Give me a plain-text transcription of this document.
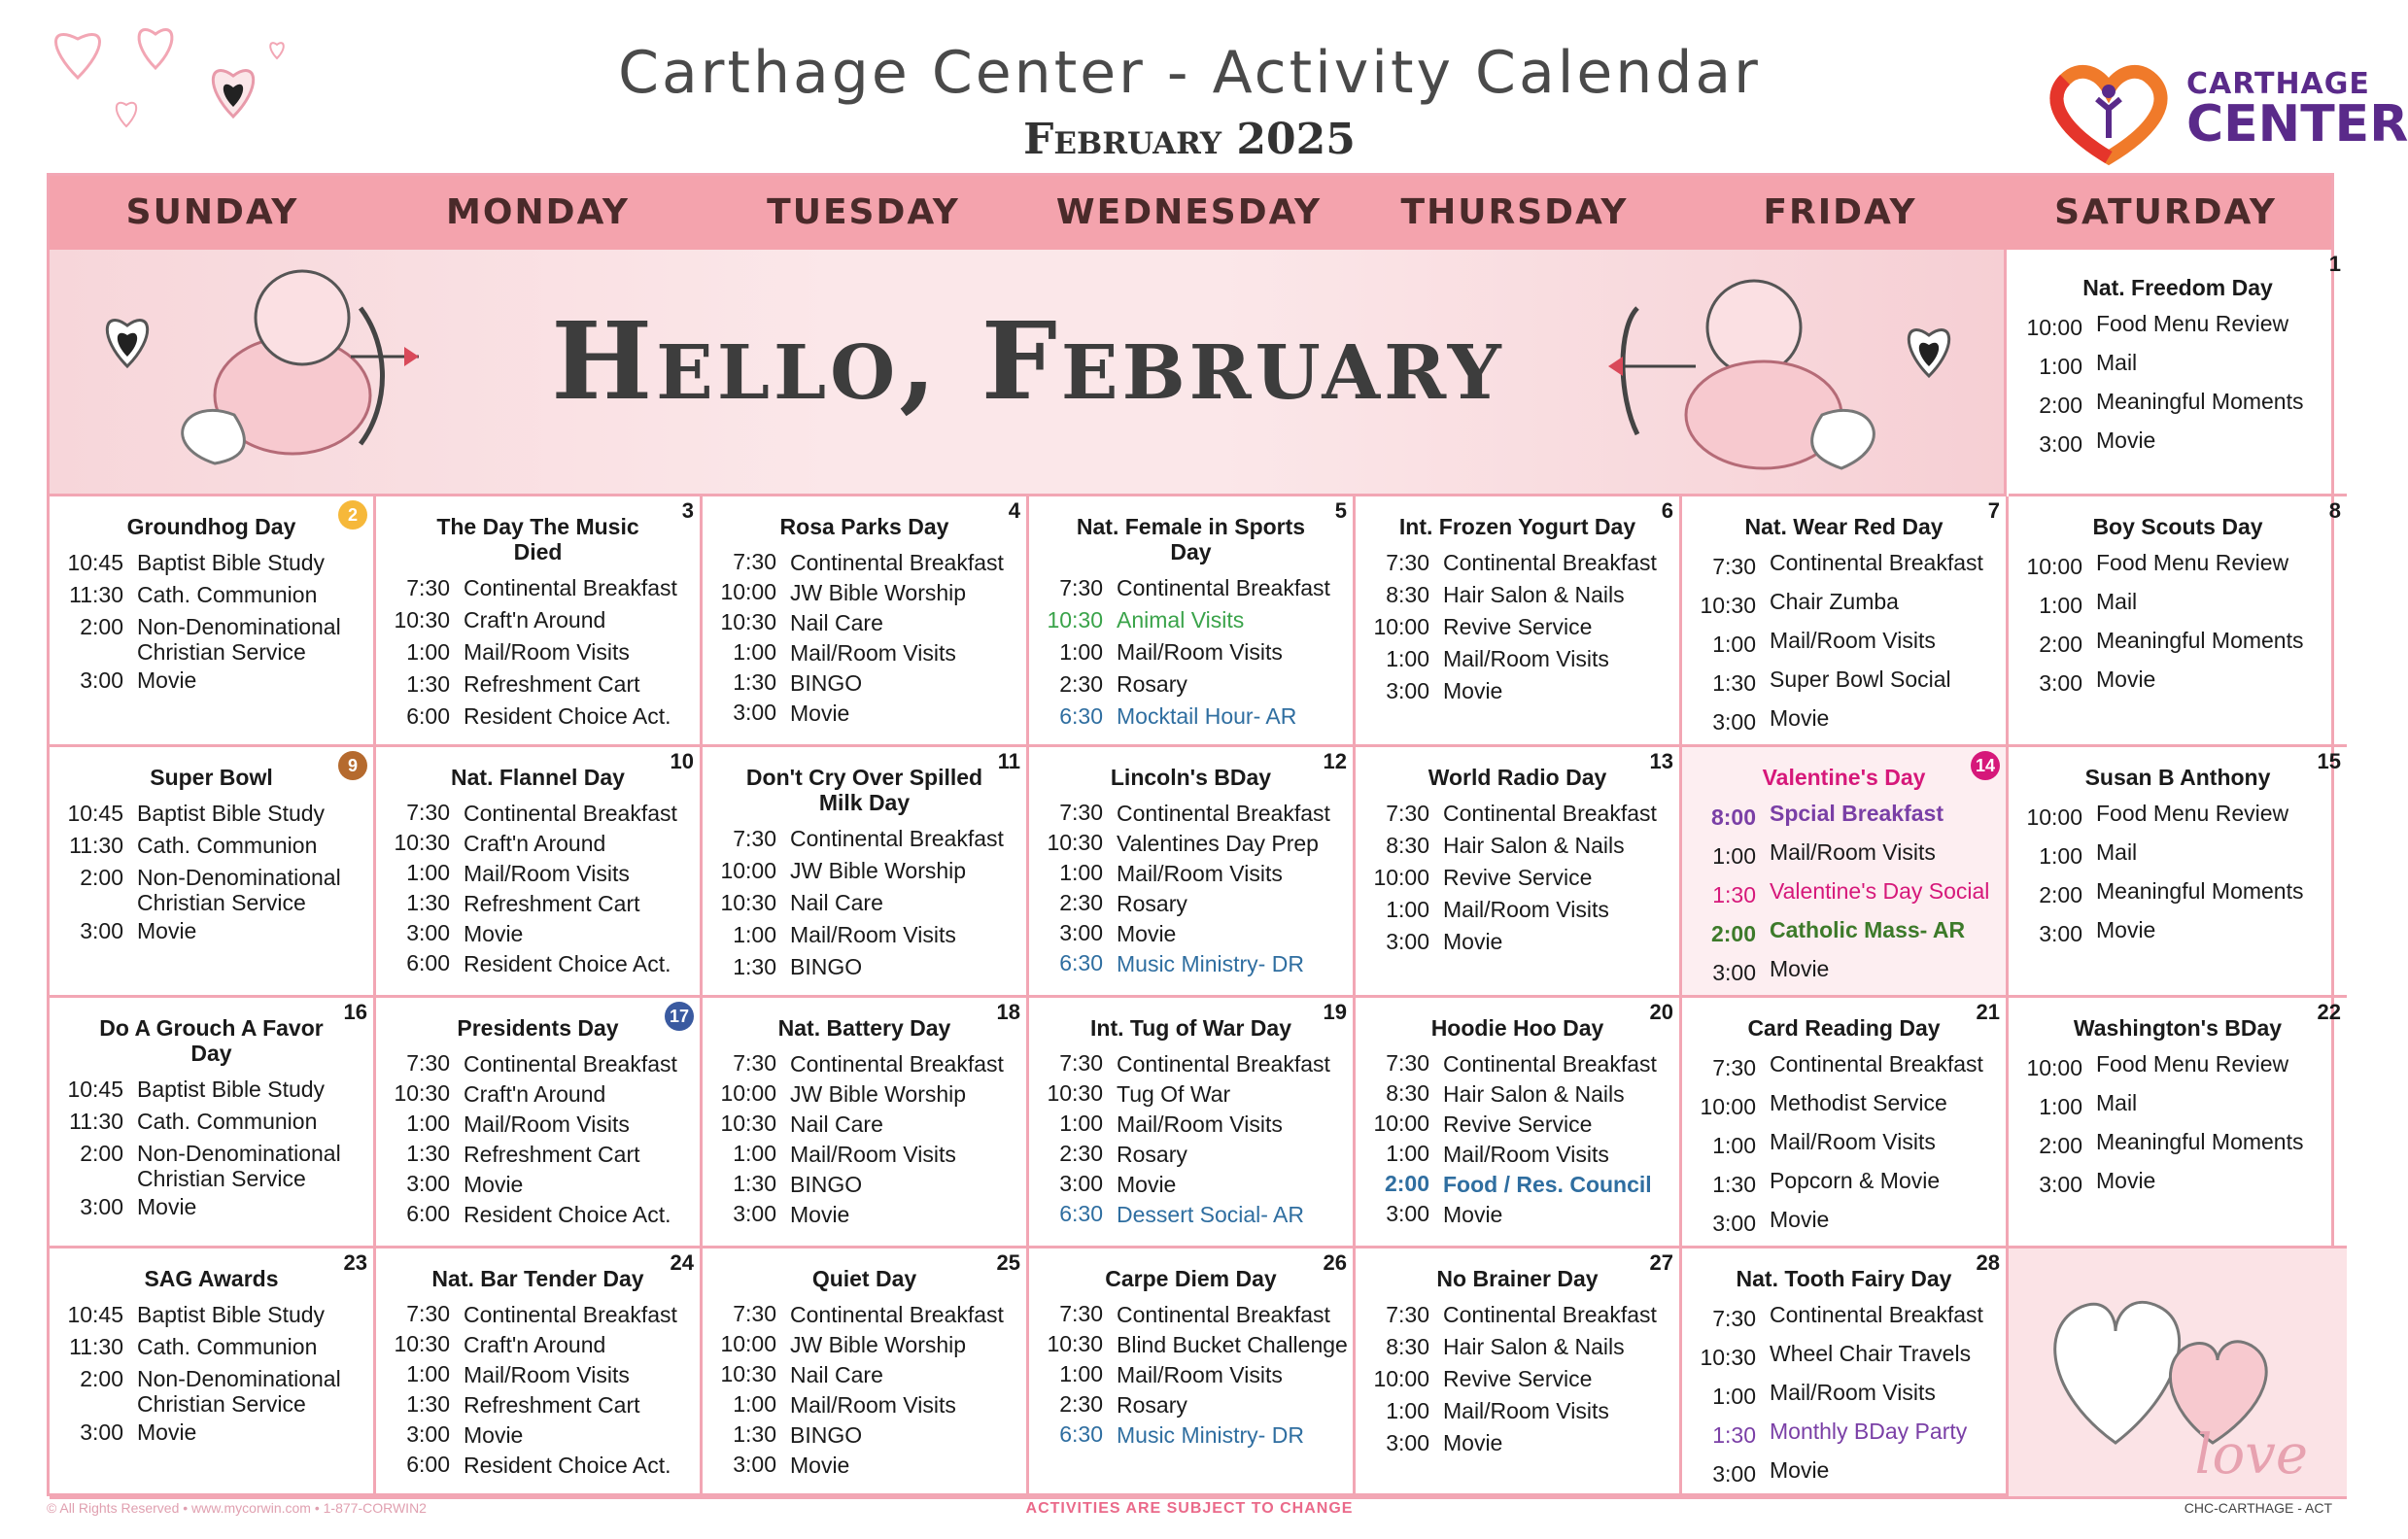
Carthage Center - Activity Calendar
February 2025
CARTHAGE
CENTER
SUNDAY	MONDAY	TUESDAY	WEDNESDAY	THURSDAY	FRIDAY	SATURDAY
Hello, February
1
Nat. Freedom Day
10:00 Food Menu Review
1:00 Mail
2:00 Meaningful Moments
3:00 Movie
2
Groundhog Day
10:45 Baptist Bible Study
11:30 Cath. Communion
2:00 Non-Denominational Christian Service
3:00 Movie
3
The Day The Music Died
7:30 Continental Breakfast
10:30 Craft'n Around
1:00 Mail/Room Visits
1:30 Refreshment Cart
6:00 Resident Choice Act.
4
Rosa Parks Day
7:30 Continental Breakfast
10:00 JW Bible Worship
10:30 Nail Care
1:00 Mail/Room Visits
1:30 BINGO
3:00 Movie
5
Nat. Female in Sports Day
7:30 Continental Breakfast
10:30 Animal Visits
1:00 Mail/Room Visits
2:30 Rosary
6:30 Mocktail Hour- AR
6
Int. Frozen Yogurt Day
7:30 Continental Breakfast
8:30 Hair Salon & Nails
10:00 Revive Service
1:00 Mail/Room Visits
3:00 Movie
7
Nat. Wear Red Day
7:30 Continental Breakfast
10:30 Chair Zumba
1:00 Mail/Room Visits
1:30 Super Bowl Social
3:00 Movie
8
Boy Scouts Day
10:00 Food Menu Review
1:00 Mail
2:00 Meaningful Moments
3:00 Movie
9
Super Bowl
10:45 Baptist Bible Study
11:30 Cath. Communion
2:00 Non-Denominational Christian Service
3:00 Movie
10
Nat. Flannel Day
7:30 Continental Breakfast
10:30 Craft'n Around
1:00 Mail/Room Visits
1:30 Refreshment Cart
3:00 Movie
6:00 Resident Choice Act.
11
Don't Cry Over Spilled Milk Day
7:30 Continental Breakfast
10:00 JW Bible Worship
10:30 Nail Care
1:00 Mail/Room Visits
1:30 BINGO
12
Lincoln's BDay
7:30 Continental Breakfast
10:30 Valentines Day Prep
1:00 Mail/Room Visits
2:30 Rosary
3:00 Movie
6:30 Music Ministry- DR
13
World Radio Day
7:30 Continental Breakfast
8:30 Hair Salon & Nails
10:00 Revive Service
1:00 Mail/Room Visits
3:00 Movie
14
Valentine's Day
8:00 Spcial Breakfast
1:00 Mail/Room Visits
1:30 Valentine's Day Social
2:00 Catholic Mass- AR
3:00 Movie
15
Susan B Anthony
10:00 Food Menu Review
1:00 Mail
2:00 Meaningful Moments
3:00 Movie
16
Do A Grouch A Favor Day
10:45 Baptist Bible Study
11:30 Cath. Communion
2:00 Non-Denominational Christian Service
3:00 Movie
17
Presidents Day
7:30 Continental Breakfast
10:30 Craft'n Around
1:00 Mail/Room Visits
1:30 Refreshment Cart
3:00 Movie
6:00 Resident Choice Act.
18
Nat. Battery Day
7:30 Continental Breakfast
10:00 JW Bible Worship
10:30 Nail Care
1:00 Mail/Room Visits
1:30 BINGO
3:00 Movie
19
Int. Tug of War Day
7:30 Continental Breakfast
10:30 Tug Of War
1:00 Mail/Room Visits
2:30 Rosary
3:00 Movie
6:30 Dessert Social- AR
20
Hoodie Hoo Day
7:30 Continental Breakfast
8:30 Hair Salon & Nails
10:00 Revive Service
1:00 Mail/Room Visits
2:00 Food / Res. Council
3:00 Movie
21
Card Reading Day
7:30 Continental Breakfast
10:00 Methodist Service
1:00 Mail/Room Visits
1:30 Popcorn & Movie
3:00 Movie
22
Washington's BDay
10:00 Food Menu Review
1:00 Mail
2:00 Meaningful Moments
3:00 Movie
23
SAG Awards
10:45 Baptist Bible Study
11:30 Cath. Communion
2:00 Non-Denominational Christian Service
3:00 Movie
24
Nat. Bar Tender Day
7:30 Continental Breakfast
10:30 Craft'n Around
1:00 Mail/Room Visits
1:30 Refreshment Cart
3:00 Movie
6:00 Resident Choice Act.
25
Quiet Day
7:30 Continental Breakfast
10:00 JW Bible Worship
10:30 Nail Care
1:00 Mail/Room Visits
1:30 BINGO
3:00 Movie
26
Carpe Diem Day
7:30 Continental Breakfast
10:30 Blind Bucket Challenge
1:00 Mail/Room Visits
2:30 Rosary
6:30 Music Ministry- DR
27
No Brainer Day
7:30 Continental Breakfast
8:30 Hair Salon & Nails
10:00 Revive Service
1:00 Mail/Room Visits
3:00 Movie
28
Nat. Tooth Fairy Day
7:30 Continental Breakfast
10:30 Wheel Chair Travels
1:00 Mail/Room Visits
1:30 Monthly BDay Party
3:00 Movie	love
© All Rights Reserved • www.mycorwin.com • 1-877-CORWIN2	ACTIVITIES ARE SUBJECT TO CHANGE	CHC-CARTHAGE - ACT
